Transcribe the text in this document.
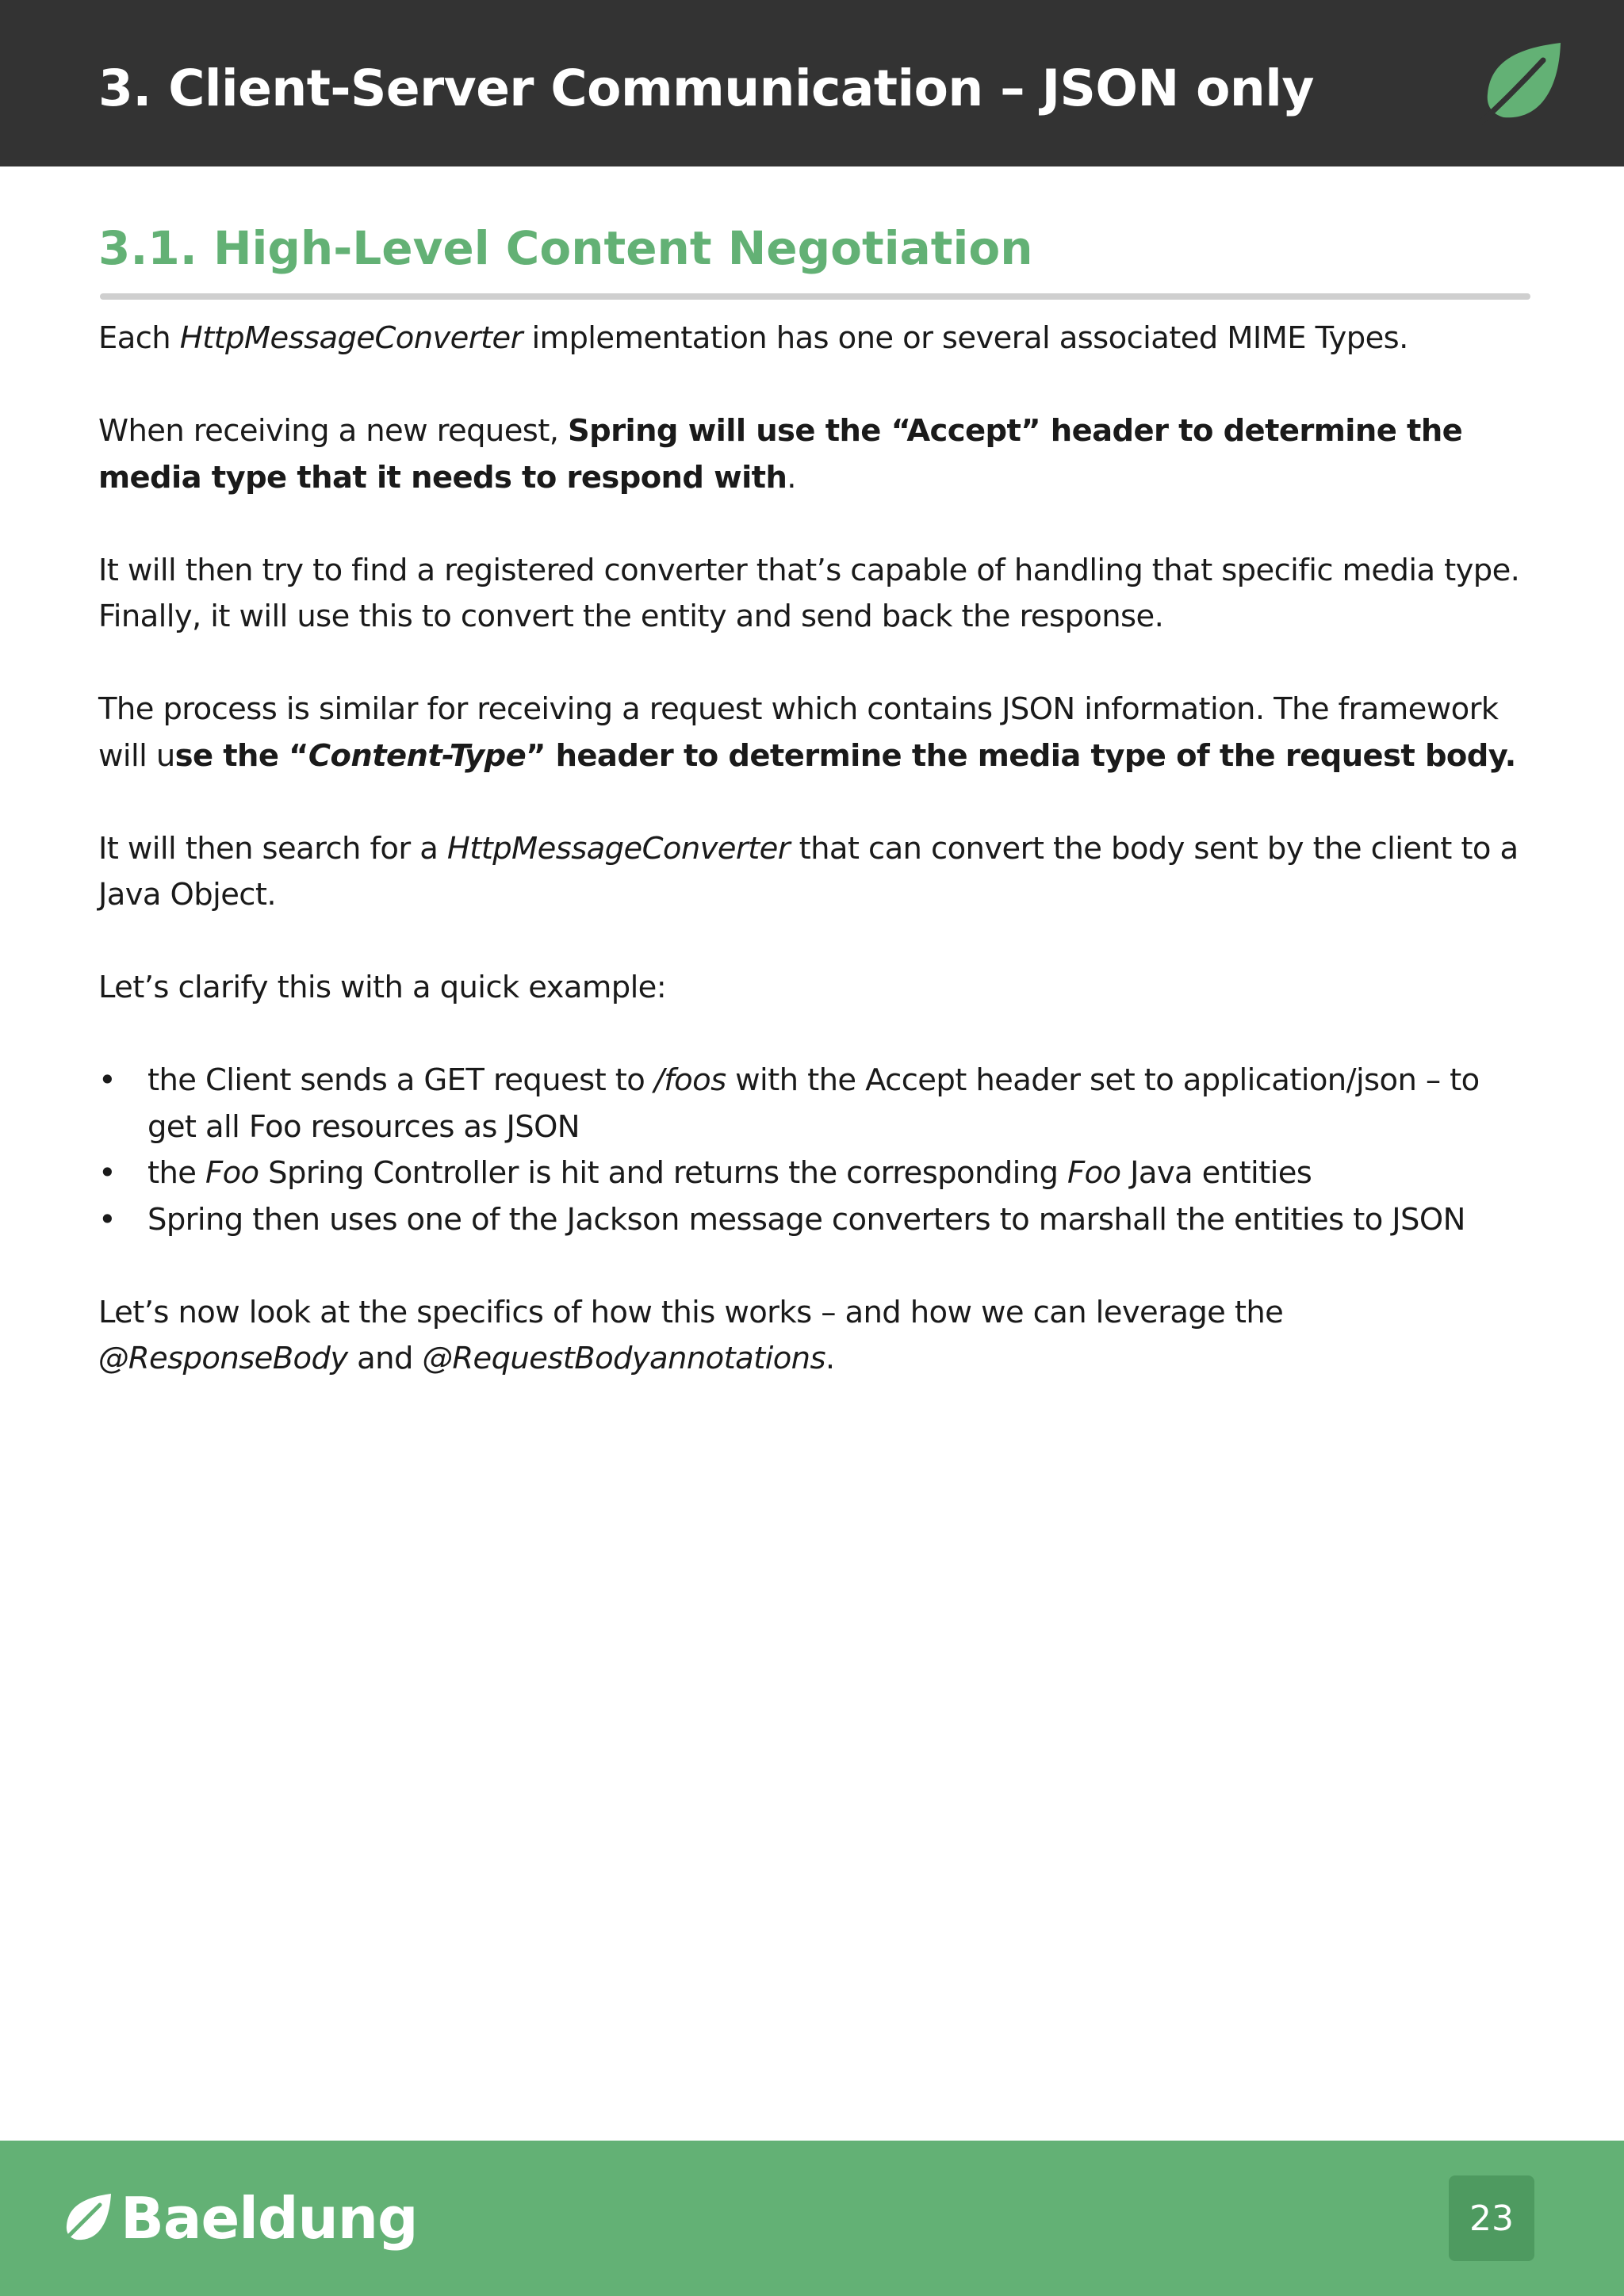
3. Client-Server Communication – JSON only
3.1. High-Level Content Negotiation

Each HttpMessageConverter implementation has one or several associated MIME Types.

When receiving a new request, Spring will use the “Accept” header to determine the media type that it needs to respond with.

It will then try to find a registered converter that’s capable of handling that specific media type. Finally, it will use this to convert the entity and send back the response.

The process is similar for receiving a request which contains JSON information. The framework will use the “Content-Type” header to determine the media type of the request body.

It will then search for a HttpMessageConverter that can convert the body sent by the client to a Java Object.

Let’s clarify this with a quick example:

• the Client sends a GET request to /foos with the Accept header set to application/json – to get all Foo resources as JSON
• the Foo Spring Controller is hit and returns the corresponding Foo Java entities
• Spring then uses one of the Jackson message converters to marshall the entities to JSON

Let’s now look at the specifics of how this works – and how we can leverage the @ResponseBody and @RequestBodyannotations.

Baeldung	23
